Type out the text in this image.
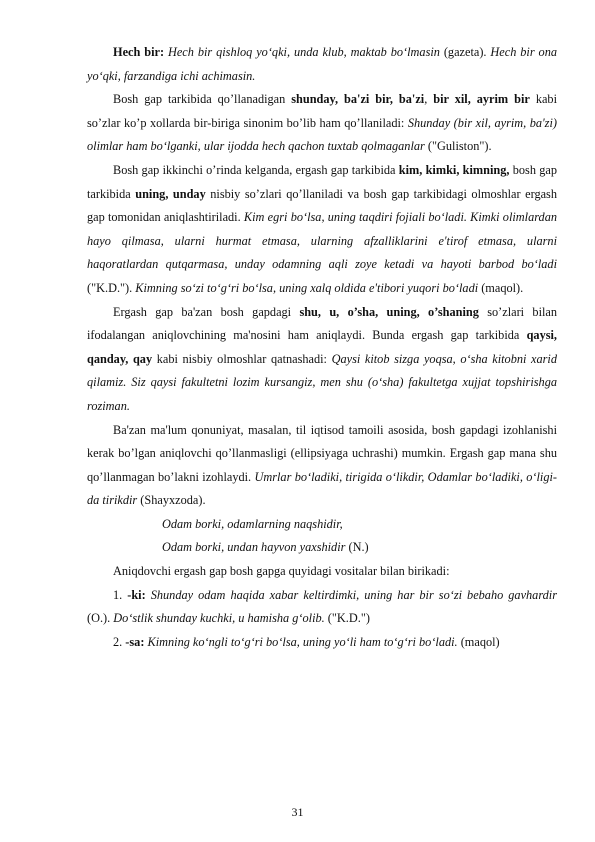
Hech bir: Hech bir qishloq yo‘qki, unda klub, maktab bo‘lmasin (gazeta). Hech bir ona yo‘qki, farzandiga ichi achimasin.

Bosh gap tarkibida qo’llanadigan shunday, ba'zi bir, ba'zi, bir xil, ayrim bir kabi so’zlar ko’p xollarda bir-biriga sinonim bo’lib ham qo’llaniladi: Shunday (bir xil, ayrim, ba'zi) olimlar ham bo‘lganki, ular ijodda hech qachon tuxtab qolmaganlar ("Guliston").

Bosh gap ikkinchi o’rinda kelganda, ergash gap tarkibida kim, kimki, kimning, bosh gap tarkibida uning, unday nisbiy so’zlari qo’llaniladi va bosh gap tarkibidagi olmoshlar ergash gap tomonidan aniqlashtiriladi. Kim egri bo‘lsa, uning taqdiri fojiali bo‘ladi. Kimki olimlardan hayo qilmasa, ularni hurmat etmasa, ularning afzalliklarini e'tirof etmasa, ularni haqoratlardan qutqarmasa, unday odamning aqli zoye ketadi va hayoti barbod bo‘ladi ("K.D."). Kimning so‘zi to‘g‘ri bo‘lsa, uning xalq oldida e'tibori yuqori bo‘ladi (maqol).

Ergash gap ba'zan bosh gapdagi shu, u, o’sha, uning, o’shaning so’zlari bilan ifodalangan aniqlovchining ma'nosini ham aniqlaydi. Bunda ergash gap tarkibida qaysi, qanday, qay kabi nisbiy olmoshlar qatnashadi: Qaysi kitob sizga yoqsa, o‘sha kitobni xarid qilamiz. Siz qaysi fakultetni lozim kursangiz, men shu (o‘sha) fakultetga xujjat topshirishga roziman.

Ba'zan ma'lum qonuniyat, masalan, til iqtisod tamoili asosida, bosh gapdagi izohlanishi kerak bo’lgan aniqlovchi qo’llanmasligi (ellipsiyaga uchrashi) mumkin. Ergash gap mana shu qo’llanmagan bo’lakni izohlaydi. Umrlar bo‘ladiki, tirigida o‘likdir, Odamlar bo‘ladiki, o‘ligi-da tirikdir (Shayxzoda).

Odam borki, odamlarning naqshidir,

Odam borki, undan hayvon yaxshidir (N.)

Aniqdovchi ergash gap bosh gapga quyidagi vositalar bilan birikadi:

1. -ki: Shunday odam haqida xabar keltirdimki, uning har bir so‘zi bebaho gavhardir (O.). Do‘stlik shunday kuchki, u hamisha g‘olib. ("K.D.")

2. -sa: Kimning ko‘ngli to‘g‘ri bo‘lsa, uning yo‘li ham to‘g‘ri bo‘ladi. (maqol)

31
